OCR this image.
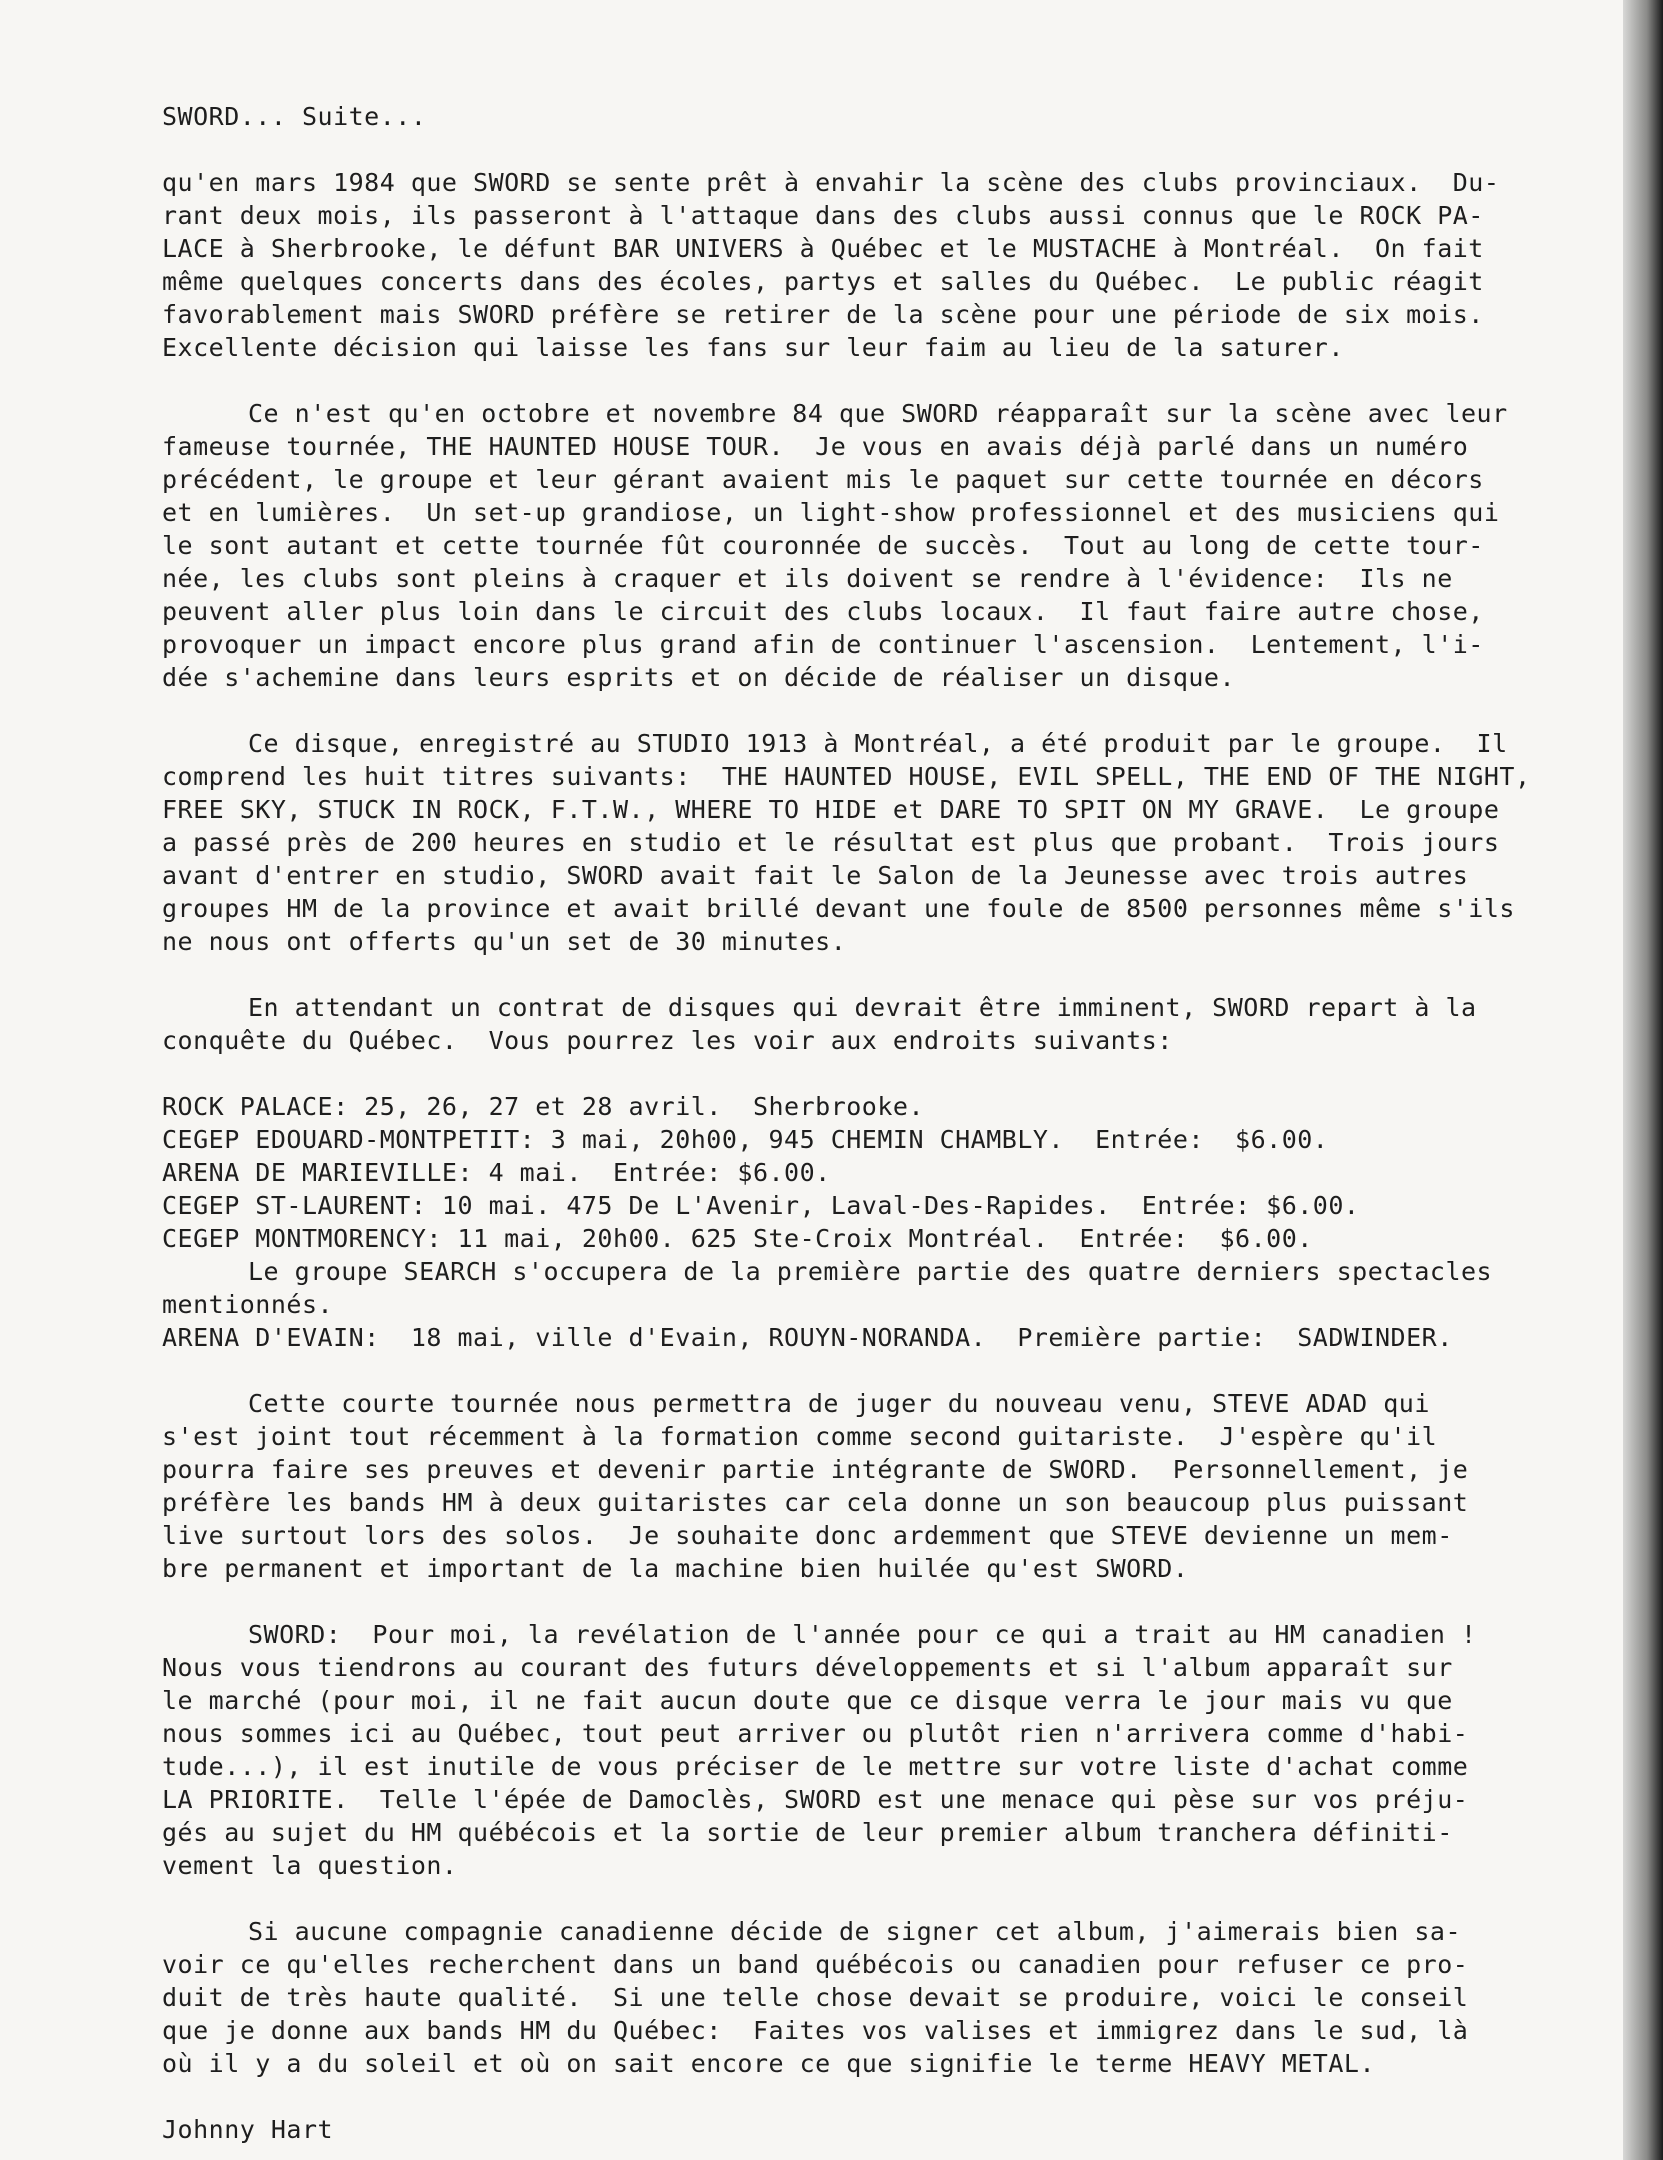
SWORD... Suite...
qu'en mars 1984 que SWORD se sente prêt à envahir la scène des clubs provinciaux.  Du-
rant deux mois, ils passeront à l'attaque dans des clubs aussi connus que le ROCK PA-
LACE à Sherbrooke, le défunt BAR UNIVERS à Québec et le MUSTACHE à Montréal.  On fait
même quelques concerts dans des écoles, partys et salles du Québec.  Le public réagit
favorablement mais SWORD préfère se retirer de la scène pour une période de six mois.
Excellente décision qui laisse les fans sur leur faim au lieu de la saturer.
Ce n'est qu'en octobre et novembre 84 que SWORD réapparaît sur la scène avec leur
fameuse tournée, THE HAUNTED HOUSE TOUR.  Je vous en avais déjà parlé dans un numéro
précédent, le groupe et leur gérant avaient mis le paquet sur cette tournée en décors
et en lumières.  Un set-up grandiose, un light-show professionnel et des musiciens qui
le sont autant et cette tournée fût couronnée de succès.  Tout au long de cette tour-
née, les clubs sont pleins à craquer et ils doivent se rendre à l'évidence:  Ils ne
peuvent aller plus loin dans le circuit des clubs locaux.  Il faut faire autre chose,
provoquer un impact encore plus grand afin de continuer l'ascension.  Lentement, l'i-
dée s'achemine dans leurs esprits et on décide de réaliser un disque.
Ce disque, enregistré au STUDIO 1913 à Montréal, a été produit par le groupe.  Il
comprend les huit titres suivants:  THE HAUNTED HOUSE, EVIL SPELL, THE END OF THE NIGHT,
FREE SKY, STUCK IN ROCK, F.T.W., WHERE TO HIDE et DARE TO SPIT ON MY GRAVE.  Le groupe
a passé près de 200 heures en studio et le résultat est plus que probant.  Trois jours
avant d'entrer en studio, SWORD avait fait le Salon de la Jeunesse avec trois autres
groupes HM de la province et avait brillé devant une foule de 8500 personnes même s'ils
ne nous ont offerts qu'un set de 30 minutes.
En attendant un contrat de disques qui devrait être imminent, SWORD repart à la
conquête du Québec.  Vous pourrez les voir aux endroits suivants:
ROCK PALACE: 25, 26, 27 et 28 avril.  Sherbrooke.
CEGEP EDOUARD-MONTPETIT: 3 mai, 20h00, 945 CHEMIN CHAMBLY.  Entrée:  $6.00.
ARENA DE MARIEVILLE: 4 mai.  Entrée: $6.00.
CEGEP ST-LAURENT: 10 mai. 475 De L'Avenir, Laval-Des-Rapides.  Entrée: $6.00.
CEGEP MONTMORENCY: 11 mai, 20h00. 625 Ste-Croix Montréal.  Entrée:  $6.00.
Le groupe SEARCH s'occupera de la première partie des quatre derniers spectacles
mentionnés.
ARENA D'EVAIN:  18 mai, ville d'Evain, ROUYN-NORANDA.  Première partie:  SADWINDER.
Cette courte tournée nous permettra de juger du nouveau venu, STEVE ADAD qui
s'est joint tout récemment à la formation comme second guitariste.  J'espère qu'il
pourra faire ses preuves et devenir partie intégrante de SWORD.  Personnellement, je
préfère les bands HM à deux guitaristes car cela donne un son beaucoup plus puissant
live surtout lors des solos.  Je souhaite donc ardemment que STEVE devienne un mem-
bre permanent et important de la machine bien huilée qu'est SWORD.
SWORD:  Pour moi, la revélation de l'année pour ce qui a trait au HM canadien !
Nous vous tiendrons au courant des futurs développements et si l'album apparaît sur
le marché (pour moi, il ne fait aucun doute que ce disque verra le jour mais vu que
nous sommes ici au Québec, tout peut arriver ou plutôt rien n'arrivera comme d'habi-
tude...), il est inutile de vous préciser de le mettre sur votre liste d'achat comme
LA PRIORITE.  Telle l'épée de Damoclès, SWORD est une menace qui pèse sur vos préju-
gés au sujet du HM québécois et la sortie de leur premier album tranchera définiti-
vement la question.
Si aucune compagnie canadienne décide de signer cet album, j'aimerais bien sa-
voir ce qu'elles recherchent dans un band québécois ou canadien pour refuser ce pro-
duit de très haute qualité.  Si une telle chose devait se produire, voici le conseil
que je donne aux bands HM du Québec:  Faites vos valises et immigrez dans le sud, là
où il y a du soleil et où on sait encore ce que signifie le terme HEAVY METAL.
Johnny Hart
